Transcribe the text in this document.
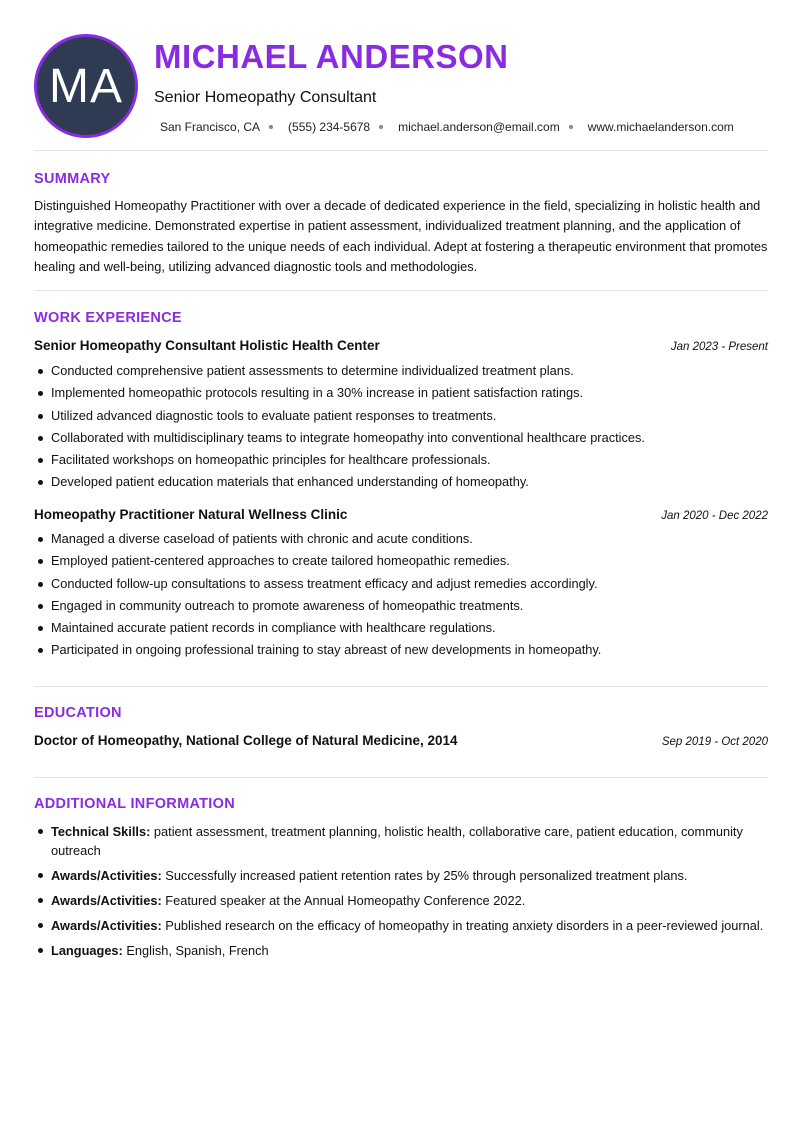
MA
MICHAEL ANDERSON
Senior Homeopathy Consultant
San Francisco, CA (555) 234-5678 michael.anderson@email.com www.michaelanderson.com
SUMMARY

Distinguished Homeopathy Practitioner with over a decade of dedicated experience in the field, specializing in holistic health and integrative medicine. Demonstrated expertise in patient assessment, individualized treatment planning, and the application of homeopathic remedies tailored to the unique needs of each individual. Adept at fostering a therapeutic environment that promotes healing and well-being, utilizing advanced diagnostic tools and methodologies.

WORK EXPERIENCE
Senior Homeopathy Consultant Holistic Health Center	Jan 2023 - Present
Conducted comprehensive patient assessments to determine individualized treatment plans.
Implemented homeopathic protocols resulting in a 30% increase in patient satisfaction ratings.
Utilized advanced diagnostic tools to evaluate patient responses to treatments.
Collaborated with multidisciplinary teams to integrate homeopathy into conventional healthcare practices.
Facilitated workshops on homeopathic principles for healthcare professionals.
Developed patient education materials that enhanced understanding of homeopathy.
Homeopathy Practitioner Natural Wellness Clinic	Jan 2020 - Dec 2022
Managed a diverse caseload of patients with chronic and acute conditions.
Employed patient-centered approaches to create tailored homeopathic remedies.
Conducted follow-up consultations to assess treatment efficacy and adjust remedies accordingly.
Engaged in community outreach to promote awareness of homeopathic treatments.
Maintained accurate patient records in compliance with healthcare regulations.
Participated in ongoing professional training to stay abreast of new developments in homeopathy.
EDUCATION
Doctor of Homeopathy, National College of Natural Medicine, 2014	Sep 2019 - Oct 2020
ADDITIONAL INFORMATION
Technical Skills: patient assessment, treatment planning, holistic health, collaborative care, patient education, community outreach
Awards/Activities: Successfully increased patient retention rates by 25% through personalized treatment plans.
Awards/Activities: Featured speaker at the Annual Homeopathy Conference 2022.
Awards/Activities: Published research on the efficacy of homeopathy in treating anxiety disorders in a peer-reviewed journal.
Languages: English, Spanish, French
